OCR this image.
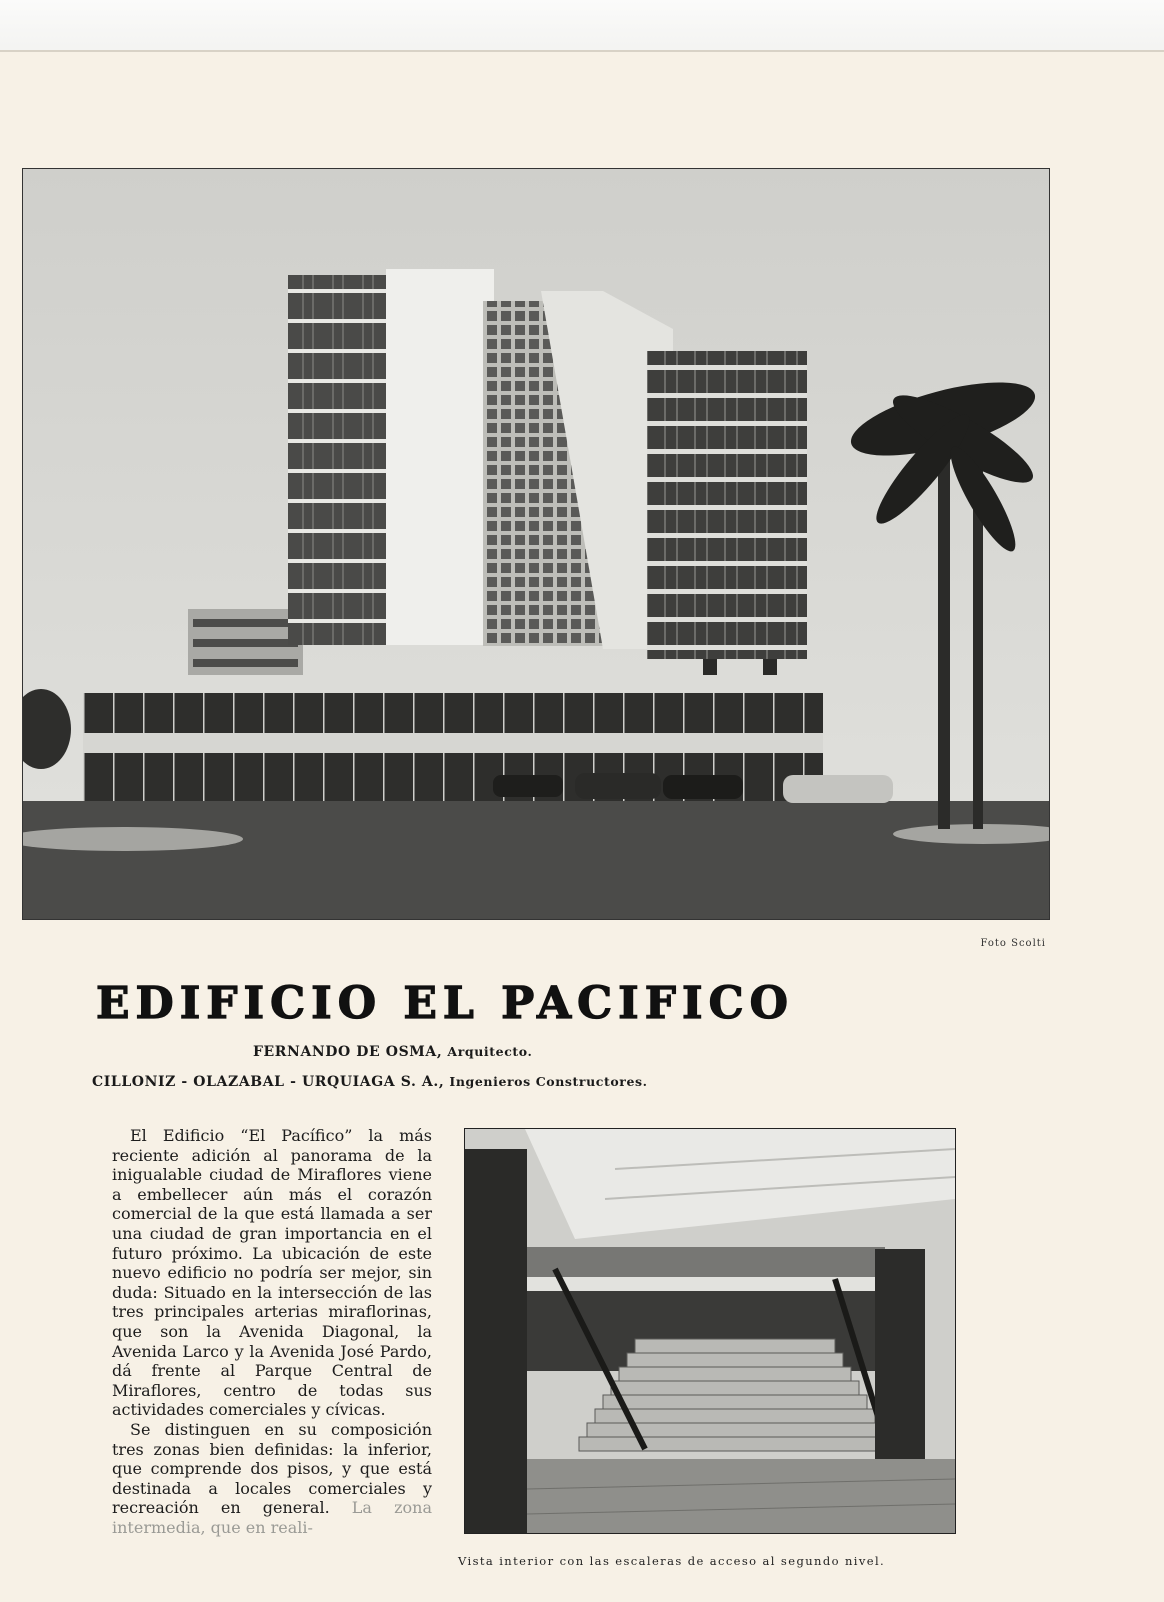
Foto Scolti
EDIFICIO EL PACIFICO
FERNANDO DE OSMA, Arquitecto.
CILLONIZ - OLAZABAL - URQUIAGA S. A., Ingenieros Constructores.

El Edificio “El Pacífico” la más reciente adición al panorama de la inigualable ciudad de Miraflores viene a embellecer aún más el corazón comercial de la que está llamada a ser una ciudad de gran importancia en el futuro próximo. La ubicación de este nuevo edificio no podría ser mejor, sin duda: Situado en la intersección de las tres principales arterias miraflorinas, que son la Avenida Diagonal, la Avenida Larco y la Avenida José Pardo, dá frente al Parque Central de Miraflores, centro de todas sus actividades comerciales y cívicas.

Se distinguen en su composición tres zonas bien definidas: la inferior, que comprende dos pisos, y que está destinada a locales comerciales y recreación en general. La zona intermedia, que en reali-

Vista interior con las escaleras de acceso al segundo nivel.
